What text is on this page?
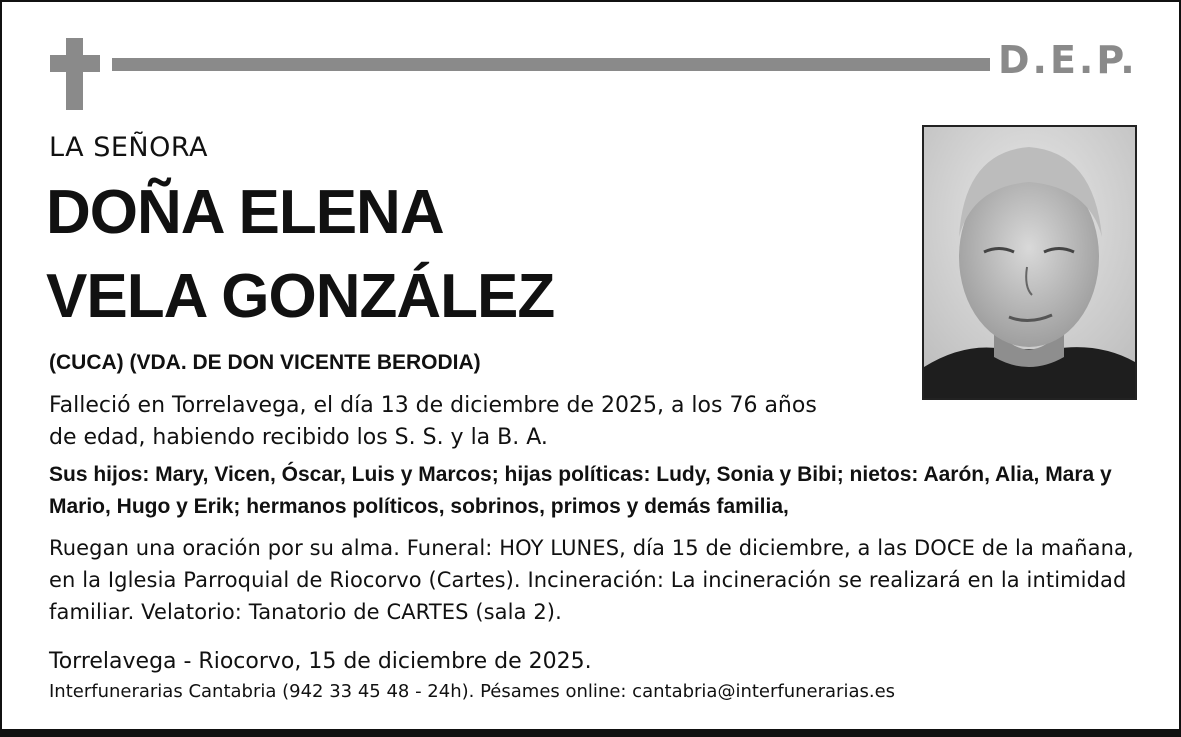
D.E.P.
LA SEÑORA
DOÑA ELENA
VELA GONZÁLEZ
(CUCA) (VDA. DE DON VICENTE BERODIA)
Falleció en Torrelavega, el día 13 de diciembre de 2025, a los 76 años de edad, habiendo recibido los S. S. y la B. A.
Sus hijos: Mary, Vicen, Óscar, Luis y Marcos; hijas políticas: Ludy, Sonia y Bibi; nietos: Aarón, Alia, Mara y Mario, Hugo y Erik; hermanos políticos, sobrinos, primos y demás familia,
Ruegan una oración por su alma. Funeral: HOY LUNES, día 15 de diciembre, a las DOCE de la mañana, en la Iglesia Parroquial de Riocorvo (Cartes). Incineración: La incineración se realizará en la intimidad familiar. Velatorio: Tanatorio de CARTES (sala 2).
Torrelavega - Riocorvo, 15 de diciembre de 2025.
Interfunerarias Cantabria (942 33 45 48 - 24h). Pésames online: cantabria@interfunerarias.es
